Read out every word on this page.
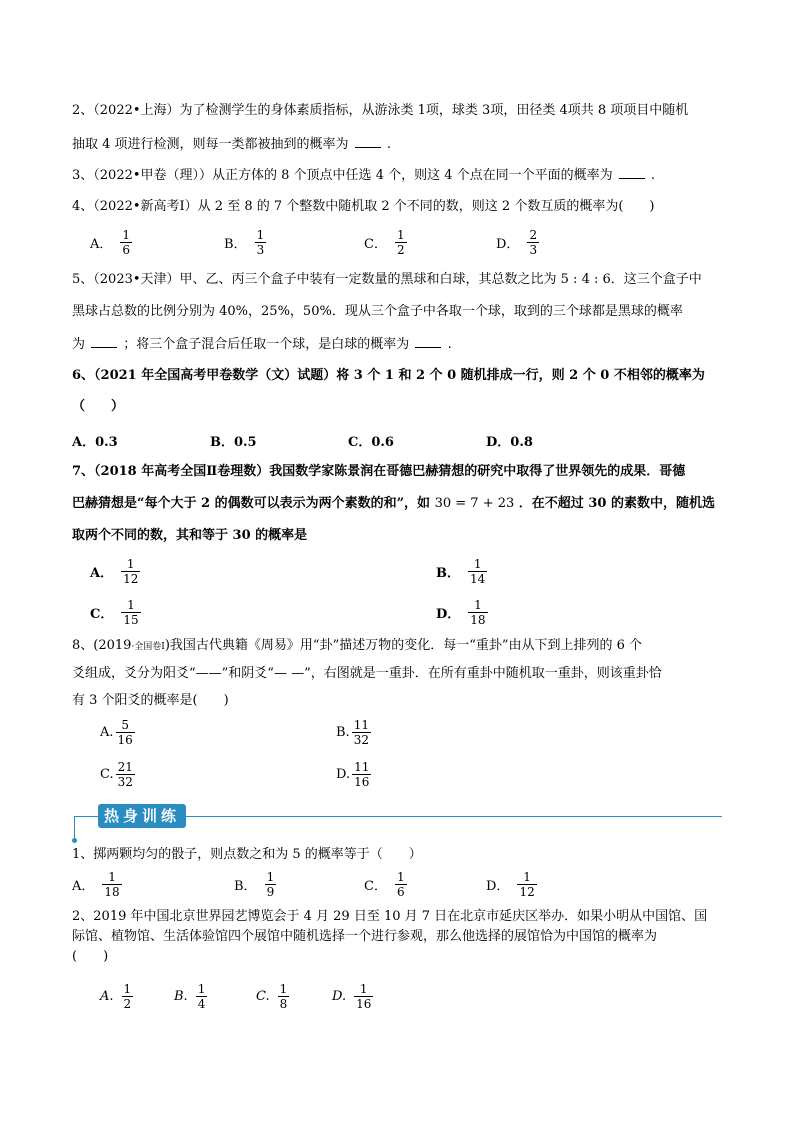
2、（2022•上海）为了检测学生的身体素质指标，从游泳类 1项，球类 3项，田径类 4项共 8 项项目中随机
抽取 4 项进行检测，则每一类都被抽到的概率为	.
3、（2022•甲卷（理））从正方体的 8 个顶点中任选 4 个，则这 4 个点在同一个平面的概率为	.
4、（2022•新高考Ⅰ）从 2 至 8 的 7 个整数中随机取 2 个不同的数，则这 2 个数互质的概率为(　　)
A． $\frac{1}{6}$	B． $\frac{1}{3}$	C． $\frac{1}{2}$	D． $\frac{2}{3}$
5、（2023•天津）甲、乙、丙三个盒子中装有一定数量的黑球和白球，其总数之比为 5 : 4 : 6．这三个盒子中
黑球占总数的比例分别为 40%，25%，50%．现从三个盒子中各取一个球，取到的三个球都是黑球的概率
为	；将三个盒子混合后任取一个球，是白球的概率为	.
6、（2021 年全国高考甲卷数学（文）试题）将 3 个 1 和 2 个 0 随机排成一行，则 2 个 0 不相邻的概率为
（　　）
A．0.3	B．0.5	C．0.6	D．0.8
7、（2018 年高考全国Ⅱ卷理数）我国数学家陈景润在哥德巴赫猜想的研究中取得了世界领先的成果．哥德
巴赫猜想是“每个大于 2 的偶数可以表示为两个素数的和”，如 30 = 7 + 23 ．在不超过 30 的素数中，随机选
取两个不同的数，其和等于 30 的概率是
A． $\frac{1}{12}$	B． $\frac{1}{14}$
C． $\frac{1}{15}$	D． $\frac{1}{18}$
8、(2019·全国卷Ⅰ)我国古代典籍《周易》用“卦”描述万物的变化．每一“重卦”由从下到上排列的 6 个
爻组成，爻分为阳爻“——”和阴爻“— —”，右图就是一重卦．在所有重卦中随机取一重卦，则该重卦恰
有 3 个阳爻的概率是(　　)
A. $\frac{5}{16}$	B. $\frac{11}{32}$
C. $\frac{21}{32}$	D. $\frac{11}{16}$
热身训练
1、掷两颗均匀的骰子，则点数之和为 5 的概率等于（　　）
A． $\frac{1}{18}$	B． $\frac{1}{9}$	C． $\frac{1}{6}$	D． $\frac{1}{12}$
2、2019 年中国北京世界园艺博览会于 4 月 29 日至 10 月 7 日在北京市延庆区举办．如果小明从中国馆、国
际馆、植物馆、生活体验馆四个展馆中随机选择一个进行参观，那么他选择的展馆恰为中国馆的概率为
(　　)
A. $\frac{1}{2}$	B. $\frac{1}{4}$	C. $\frac{1}{8}$	D. $\frac{1}{16}$
